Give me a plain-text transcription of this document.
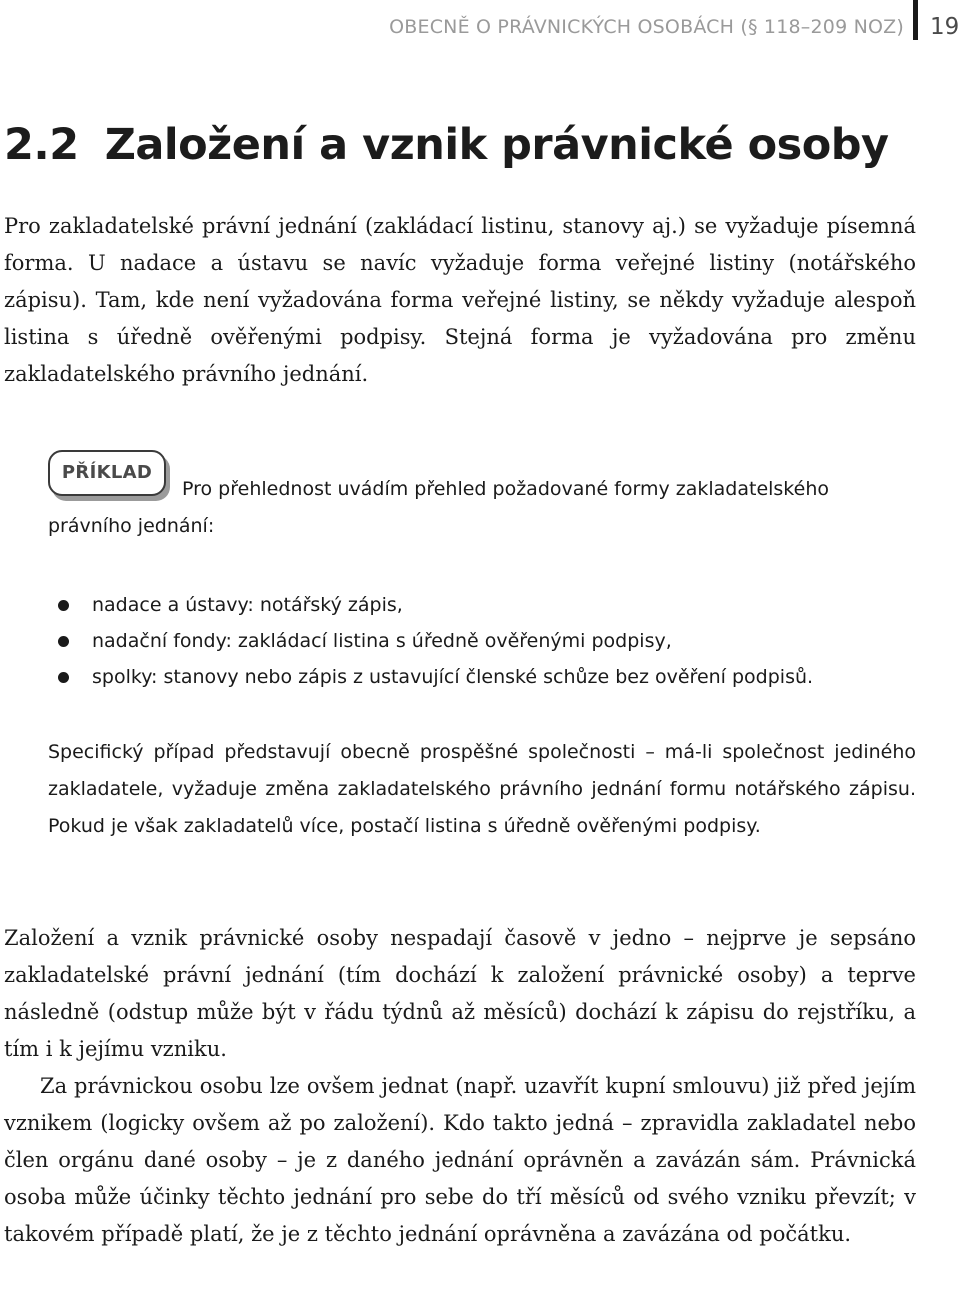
OBECNĚ O PRÁVNICKÝCH OSOBÁCH (§ 118–209 NOZ) 19
2.2 Založení a vznik právnické osoby

Pro zakladatelské právní jednání (zakládací listinu, stanovy aj.) se vyžaduje písemná forma. U nadace a ústavu se navíc vyžaduje forma veřejné listiny (notářského zápisu). Tam, kde není vyžadována forma veřejné listiny, se někdy vyžaduje alespoň listina s úředně ověřenými podpisy. Stejná forma je vyžadována pro změnu zakladatelského právního jednání.

PŘÍKLAD

Pro přehlednost uvádím přehled požadované formy zakladatelského

právního jednání:

nadace a ústavy: notářský zápis,
nadační fondy: zakládací listina s úředně ověřenými podpisy,
spolky: stanovy nebo zápis z ustavující členské schůze bez ověření podpisů.

Specifický případ představují obecně prospěšné společnosti – má-li společnost jediného zakladatele, vyžaduje změna zakladatelského právního jednání formu notářského zápisu. Pokud je však zakladatelů více, postačí listina s úředně ověřenými podpisy.

Založení a vznik právnické osoby nespadají časově v jedno – nejprve je sepsáno zakladatelské právní jednání (tím dochází k založení právnické osoby) a teprve následně (odstup může být v řádu týdnů až měsíců) dochází k zápisu do rejstříku, a tím i k jejímu vzniku.

Za právnickou osobu lze ovšem jednat (např. uzavřít kupní smlouvu) již před jejím vznikem (logicky ovšem až po založení). Kdo takto jedná – zpravidla zakladatel nebo člen orgánu dané osoby – je z daného jednání oprávněn a zavázán sám. Právnická osoba může účinky těchto jednání pro sebe do tří měsíců od svého vzniku převzít; v takovém případě platí, že je z těchto jednání oprávněna a zavázána od počátku.
